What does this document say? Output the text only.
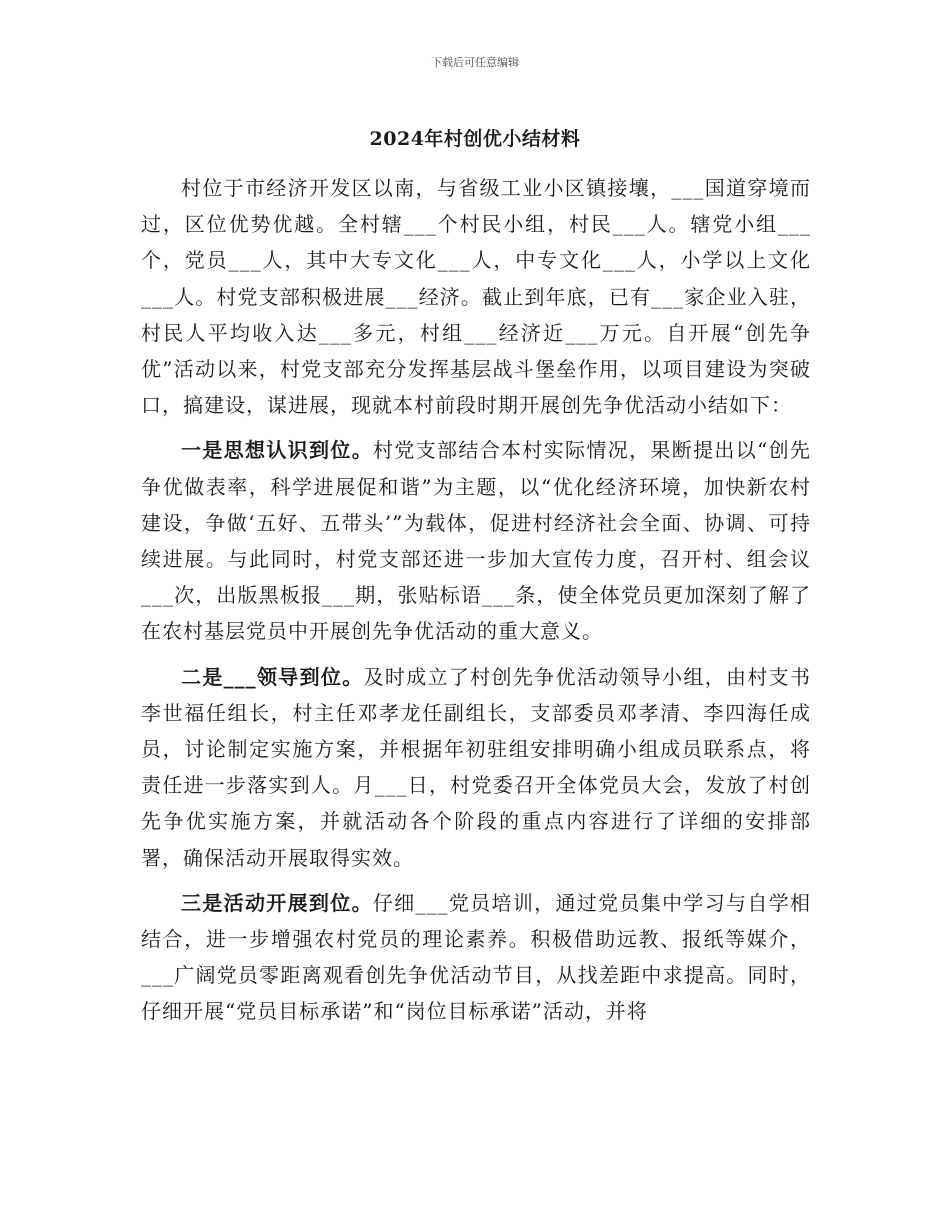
下载后可任意编辑
2024年村创优小结材料

村位于市经济开发区以南，与省级工业小区镇接壤，___国道穿境而过，区位优势优越。全村辖___个村民小组，村民___人。辖党小组___个，党员___人，其中大专文化___人，中专文化___人，小学以上文化___人。村党支部积极进展___经济。截止到年底，已有___家企业入驻，村民人平均收入达___多元，村组___经济近___万元。自开展“创先争优”活动以来，村党支部充分发挥基层战斗堡垒作用，以项目建设为突破口，搞建设，谋进展，现就本村前段时期开展创先争优活动小结如下：

一是思想认识到位。村党支部结合本村实际情况，果断提出以“创先争优做表率，科学进展促和谐”为主题，以“优化经济环境，加快新农村建设，争做‘五好、五带头’”为载体，促进村经济社会全面、协调、可持续进展。与此同时，村党支部还进一步加大宣传力度，召开村、组会议___次，出版黑板报___期，张贴标语___条，使全体党员更加深刻了解了在农村基层党员中开展创先争优活动的重大意义。

二是___领导到位。及时成立了村创先争优活动领导小组，由村支书李世福任组长，村主任邓孝龙任副组长，支部委员邓孝清、李四海任成员，讨论制定实施方案，并根据年初驻组安排明确小组成员联系点，将责任进一步落实到人。月___日，村党委召开全体党员大会，发放了村创先争优实施方案，并就活动各个阶段的重点内容进行了详细的安排部署，确保活动开展取得实效。

三是活动开展到位。仔细___党员培训，通过党员集中学习与自学相结合，进一步增强农村党员的理论素养。积极借助远教、报纸等媒介，___广阔党员零距离观看创先争优活动节目，从找差距中求提高。同时，仔细开展“党员目标承诺”和“岗位目标承诺”活动，并将
